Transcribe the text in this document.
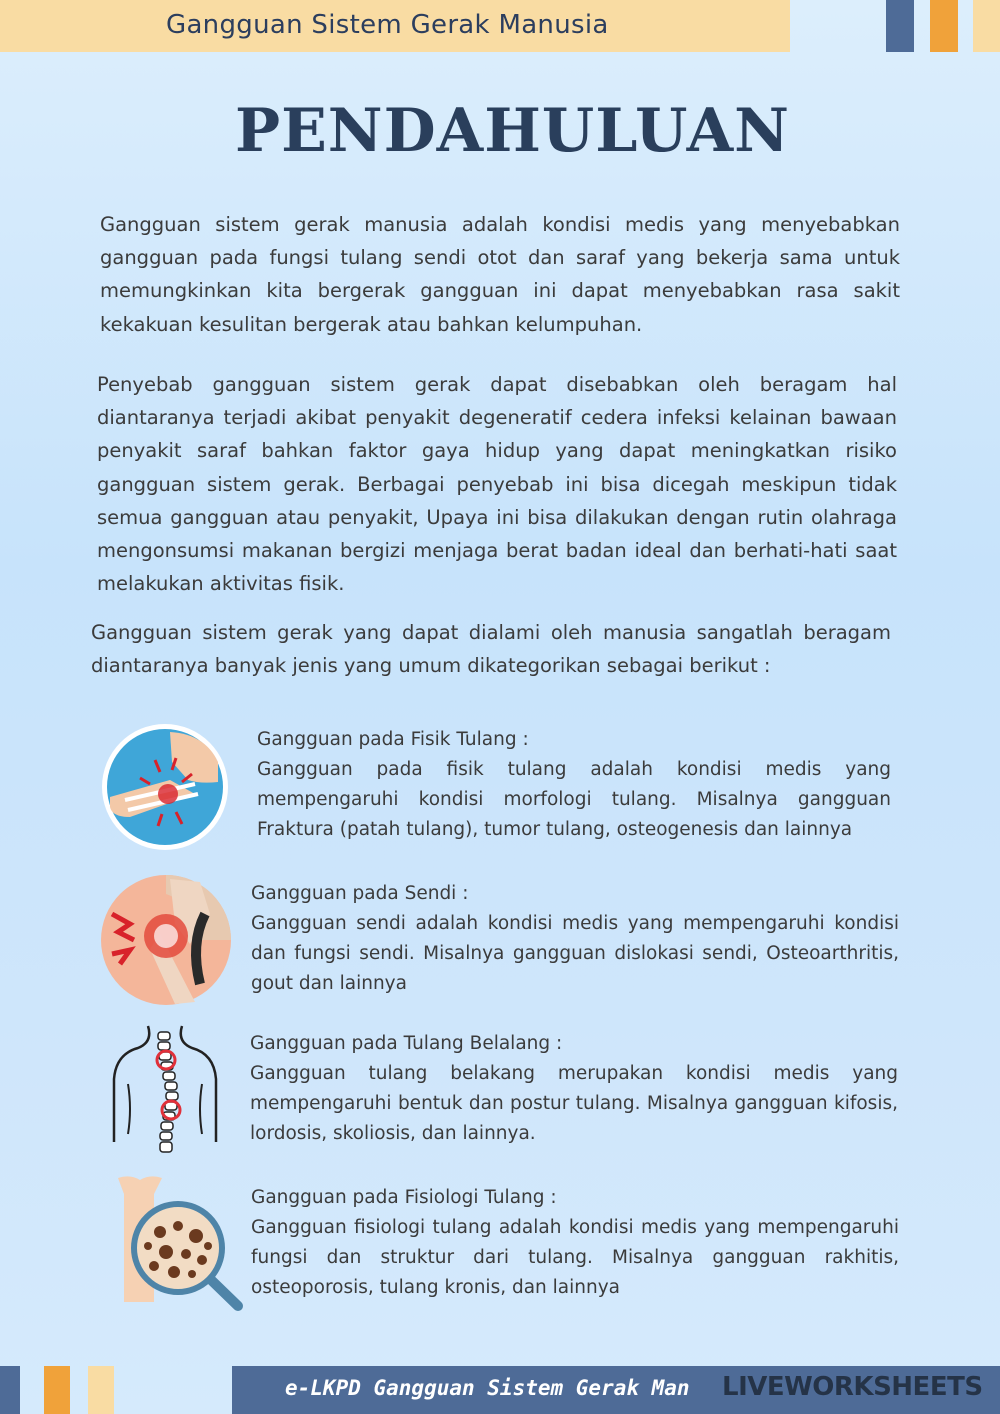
Gangguan Sistem Gerak Manusia
PENDAHULUAN

Gangguan sistem gerak manusia adalah kondisi medis yang menyebabkan gangguan pada fungsi tulang sendi otot dan saraf yang bekerja sama untuk memungkinkan kita bergerak gangguan ini dapat menyebabkan rasa sakit kekakuan kesulitan bergerak atau bahkan kelumpuhan.

Penyebab gangguan sistem gerak dapat disebabkan oleh beragam hal diantaranya terjadi akibat penyakit degeneratif cedera infeksi kelainan bawaan penyakit saraf bahkan faktor gaya hidup yang dapat meningkatkan risiko gangguan sistem gerak. Berbagai penyebab ini bisa dicegah meskipun tidak semua gangguan atau penyakit, Upaya ini bisa dilakukan dengan rutin olahraga mengonsumsi makanan bergizi menjaga berat badan ideal dan berhati-hati saat melakukan aktivitas fisik.

Gangguan sistem gerak yang dapat dialami oleh manusia sangatlah beragam diantaranya banyak jenis yang umum dikategorikan sebagai berikut :

Gangguan pada Fisik Tulang :
Gangguan pada fisik tulang adalah kondisi medis yang mempengaruhi kondisi morfologi tulang. Misalnya gangguan Fraktura (patah tulang), tumor tulang, osteogenesis dan lainnya
Gangguan pada Sendi :
Gangguan sendi adalah kondisi medis yang mempengaruhi kondisi dan fungsi sendi. Misalnya gangguan dislokasi sendi, Osteoarthritis, gout dan lainnya
Gangguan pada Tulang Belalang :
Gangguan tulang belakang merupakan kondisi medis yang mempengaruhi bentuk dan postur tulang. Misalnya gangguan kifosis, lordosis, skoliosis, dan lainnya.
Gangguan pada Fisiologi Tulang :
Gangguan fisiologi tulang adalah kondisi medis yang mempengaruhi fungsi dan struktur dari tulang. Misalnya gangguan rakhitis, osteoporosis, tulang kronis, dan lainnya
e-LKPD Gangguan Sistem Gerak Man LIVEWORKSHEETS
